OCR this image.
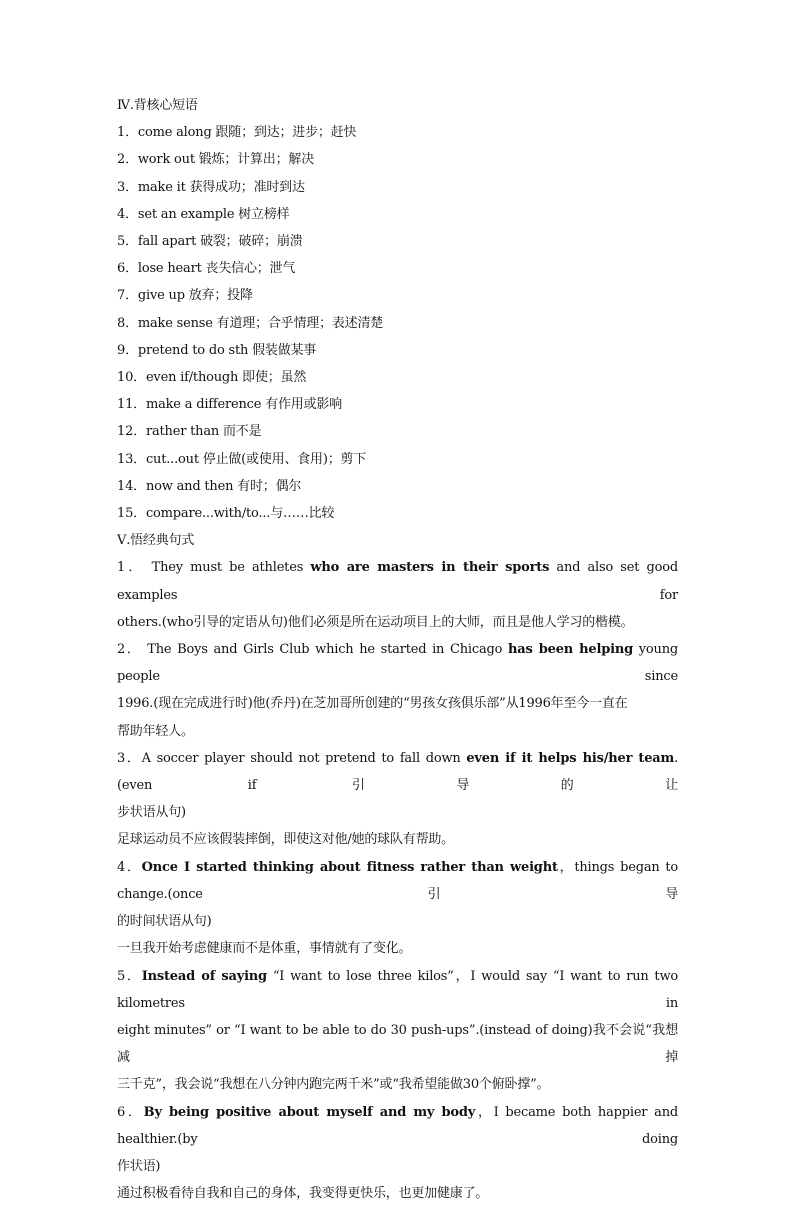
Ⅳ.背核心短语
1．come along 跟随；到达；进步；赶快
2．work out 锻炼；计算出；解决
3．make it 获得成功；准时到达
4．set an example 树立榜样
5．fall apart 破裂；破碎；崩溃
6．lose heart 丧失信心；泄气
7．give up 放弃；投降
8．make sense 有道理；合乎情理；表述清楚
9．pretend to do sth 假装做某事
10．even if/though 即使；虽然
11．make a difference 有作用或影响
12．rather than 而不是
13．cut...out 停止做(或使用、食用)；剪下
14．now and then 有时；偶尔
15．compare...with/to...与……比较
Ⅴ.悟经典句式
1． They must be athletes who are masters in their sports and also set good examples for
others.(who引导的定语从句)他们必须是所在运动项目上的大师，而且是他人学习的楷模。
2． The Boys and Girls Club which he started in Chicago has been helping young people since
1996.(现在完成进行时)他(乔丹)在芝加哥所创建的“男孩女孩俱乐部”从1996年至今一直在
帮助年轻人。
3．A soccer player should not pretend to fall down even if it helps his/her team.(even if 引导的让
步状语从句)
足球运动员不应该假装摔倒，即使这对他/她的球队有帮助。
4．Once I started thinking about fitness rather than weight，things began to change.(once引导
的时间状语从句)
一旦我开始考虑健康而不是体重，事情就有了变化。
5．Instead of saying “I want to lose three kilos”，I would say “I want to run two kilometres in
eight minutes” or “I want to be able to do 30 push-ups”.(instead of doing)我不会说“我想减掉
三千克”，我会说“我想在八分钟内跑完两千米”或“我希望能做30个俯卧撑”。
6．By being positive about myself and my body，I became both happier and healthier.(by doing
作状语)
通过积极看待自我和自己的身体，我变得更快乐，也更加健康了。
